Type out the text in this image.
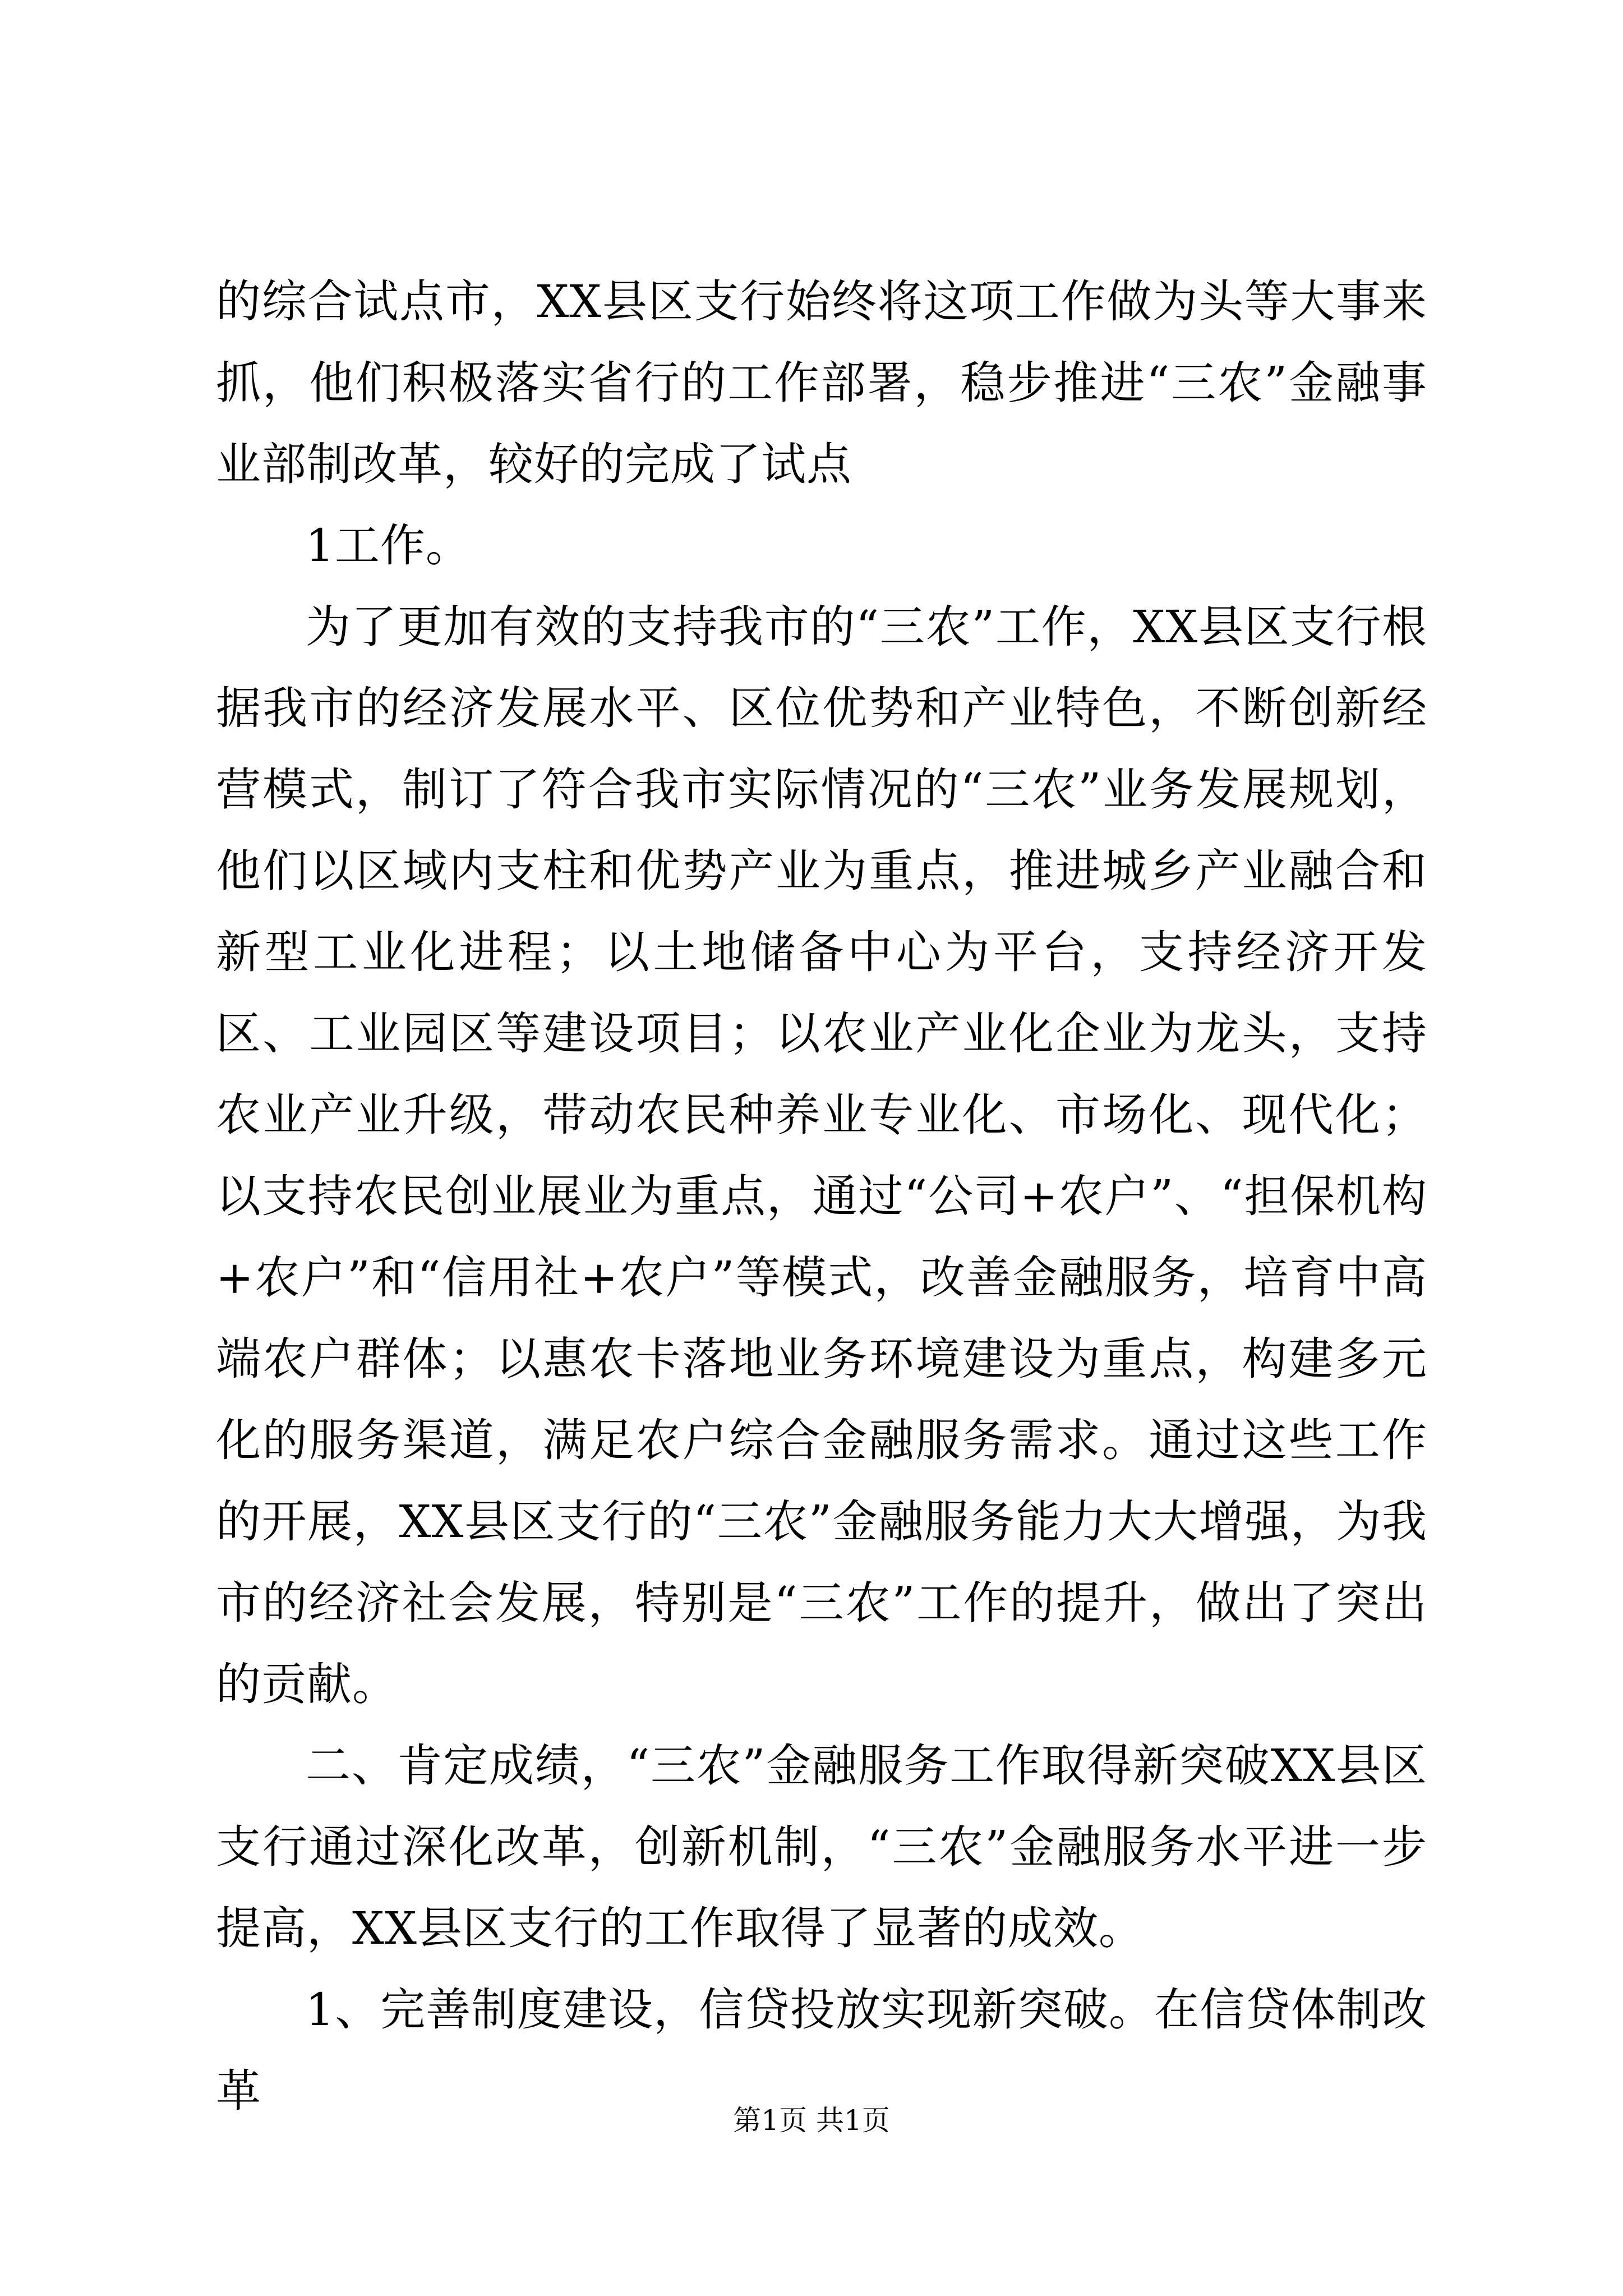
的综合试点市，XX县区支行始终将这项工作做为头等大事来抓，他们积极落实省行的工作部署，稳步推进“三农”金融事业部制改革，较好的完成了试点

1工作。

为了更加有效的支持我市的“三农”工作，XX县区支行根据我市的经济发展水平、区位优势和产业特色，不断创新经营模式，制订了符合我市实际情况的“三农”业务发展规划，他们以区域内支柱和优势产业为重点，推进城乡产业融合和新型工业化进程；以土地储备中心为平台，支持经济开发区、工业园区等建设项目；以农业产业化企业为龙头，支持农业产业升级，带动农民种养业专业化、市场化、现代化；以支持农民创业展业为重点，通过“公司+农户”、“担保机构+农户”和“信用社+农户”等模式，改善金融服务，培育中高端农户群体；以惠农卡落地业务环境建设为重点，构建多元化的服务渠道，满足农户综合金融服务需求。通过这些工作的开展，XX县区支行的“三农”金融服务能力大大增强，为我市的经济社会发展，特别是“三农”工作的提升，做出了突出的贡献。

二、肯定成绩，“三农”金融服务工作取得新突破XX县区支行通过深化改革，创新机制，“三农”金融服务水平进一步提高，XX县区支行的工作取得了显著的成效。

1、完善制度建设，信贷投放实现新突破。在信贷体制改革

第1页 共1页
